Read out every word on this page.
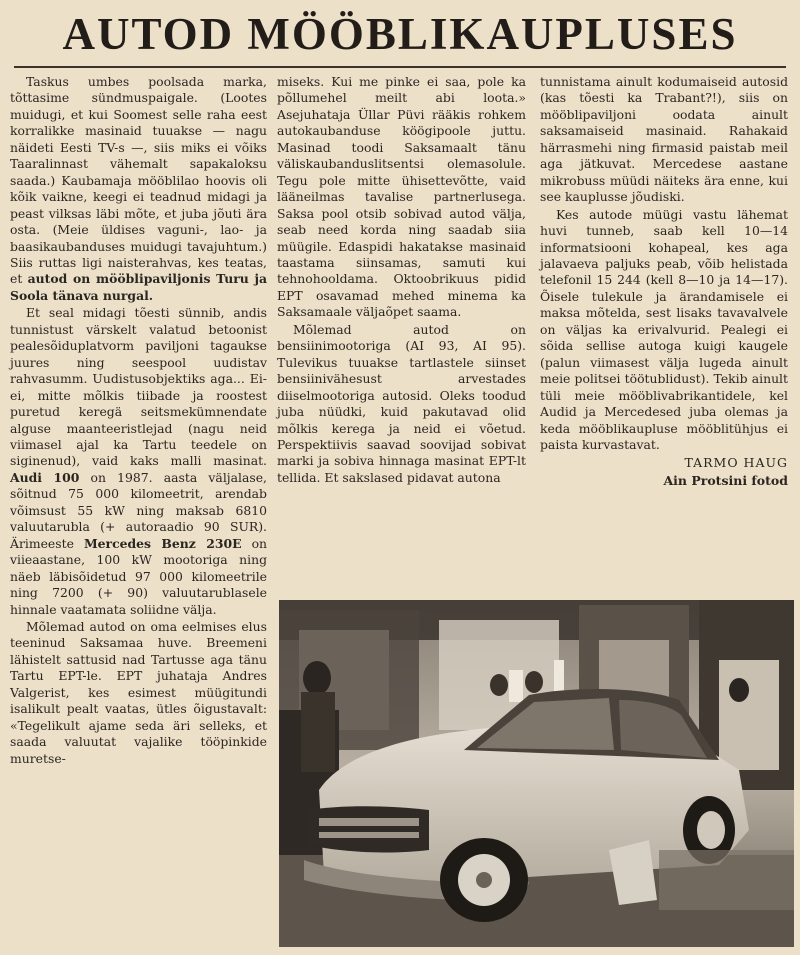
AUTOD MÖÖBLIKAUPLUSES

Taskus umbes poolsada marka, tõttasime sündmuspaigale. (Lootes muidugi, et kui Soomest selle raha eest korralikke masinaid tuuakse — nagu näideti Eesti TV-s —, siis miks ei võiks Taaralinnast vähemalt sapakaloksu saada.) Kaubamaja mööblilao hoovis oli kõik vaikne, keegi ei teadnud midagi ja peast vilksas läbi mõte, et juba jõuti ära osta. (Meie üldises vaguni-, lao- ja baasikaubanduses muidugi tavajuhtum.) Siis ruttas ligi naisterahvas, kes teatas, et autod on mööblipaviljonis Turu ja Soola tänava nurgal.

Et seal midagi tõesti sünnib, andis tunnistust värskelt valatud betoonist pealesõiduplatvorm paviljoni tagaukse juures ning seespool uudistav rahvasumm. Uudistusobjektiks aga... Ei-ei, mitte mõlkis tiibade ja roostest puretud keregä seitsmekümnendate alguse maanteeristlejad (nagu neid viimasel ajal ka Tartu teedele on siginenud), vaid kaks malli masinat. Audi 100 on 1987. aasta väljalase, sõitnud 75 000 kilomeetrit, arendab võimsust 55 kW ning maksab 6810 valuutarubla (+ autoraadio 90 SUR). Ärimeeste Mercedes Benz 230E on viieaastane, 100 kW mootoriga ning näeb läbisõidetud 97 000 kilomeetrile ning 7200 (+ 90) valuutarublasele hinnale vaatamata soliidne välja.

Mõlemad autod on oma eelmises elus teeninud Saksamaa huve. Breemeni lähistelt sattusid nad Tartusse aga tänu Tartu EPT-le. EPT juhataja Andres Valgerist, kes esimest müügitundi isalikult pealt vaatas, ütles õigustavalt: «Tegelikult ajame seda äri selleks, et saada valuutat vajalike tööpinkide muretse-

miseks. Kui me pinke ei saa, pole ka põllumehel meilt abi loota.» Asejuhataja Üllar Püvi rääkis rohkem autokaubanduse köögipoole juttu. Masinad toodi Saksamaalt tänu väliskaubanduslitsentsi olemasolule. Tegu pole mitte ühisettevõtte, vaid lääneilmas tavalise partnerlusega. Saksa pool otsib sobivad autod välja, seab need korda ning saadab siia müügile. Edaspidi hakatakse masinaid taastama siinsamas, samuti kui tehnohooldama. Oktoobrikuus pidid EPT osavamad mehed minema ka Saksamaale väljaõpet saama.

Mõlemad autod on bensiinimootoriga (AI 93, AI 95). Tulevikus tuuakse tartlastele siinset bensiinivähesust arvestades diiselmootoriga autosid. Oleks toodud juba nüüdki, kuid pakutavad olid mõlkis kerega ja neid ei võetud. Perspektiivis saavad soovijad sobivat marki ja sobiva hinnaga masinat EPT-lt tellida. Et sakslased pidavat autona

tunnistama ainult kodumaiseid autosid (kas tõesti ka Trabant?!), siis on mööblipaviljoni oodata ainult saksamaiseid masinaid. Rahakaid härrasmehi ning firmasid paistab meil aga jätkuvat. Mercedese aastane mikrobuss müüdi näiteks ära enne, kui see kauplusse jõudiski.

Kes autode müügi vastu lähemat huvi tunneb, saab kell 10—14 informatsiooni kohapeal, kes aga jalavaeva paljuks peab, võib helistada telefonil 15 244 (kell 8—10 ja 14—17). Õisele tulekule ja ärandamisele ei maksa mõtelda, sest lisaks tavavalvele on väljas ka erivalvurid. Pealegi ei sõida sellise autoga kuigi kaugele (palun viimasest välja lugeda ainult meie politsei töötublidust). Tekib ainult tüli meie mööblivabrikantidele, kel Audid ja Mercedesed juba olemas ja keda mööblikaupluse mööblitühjus ei paista kurvastavat.

TARMO HAUG

Ain Protsini fotod
